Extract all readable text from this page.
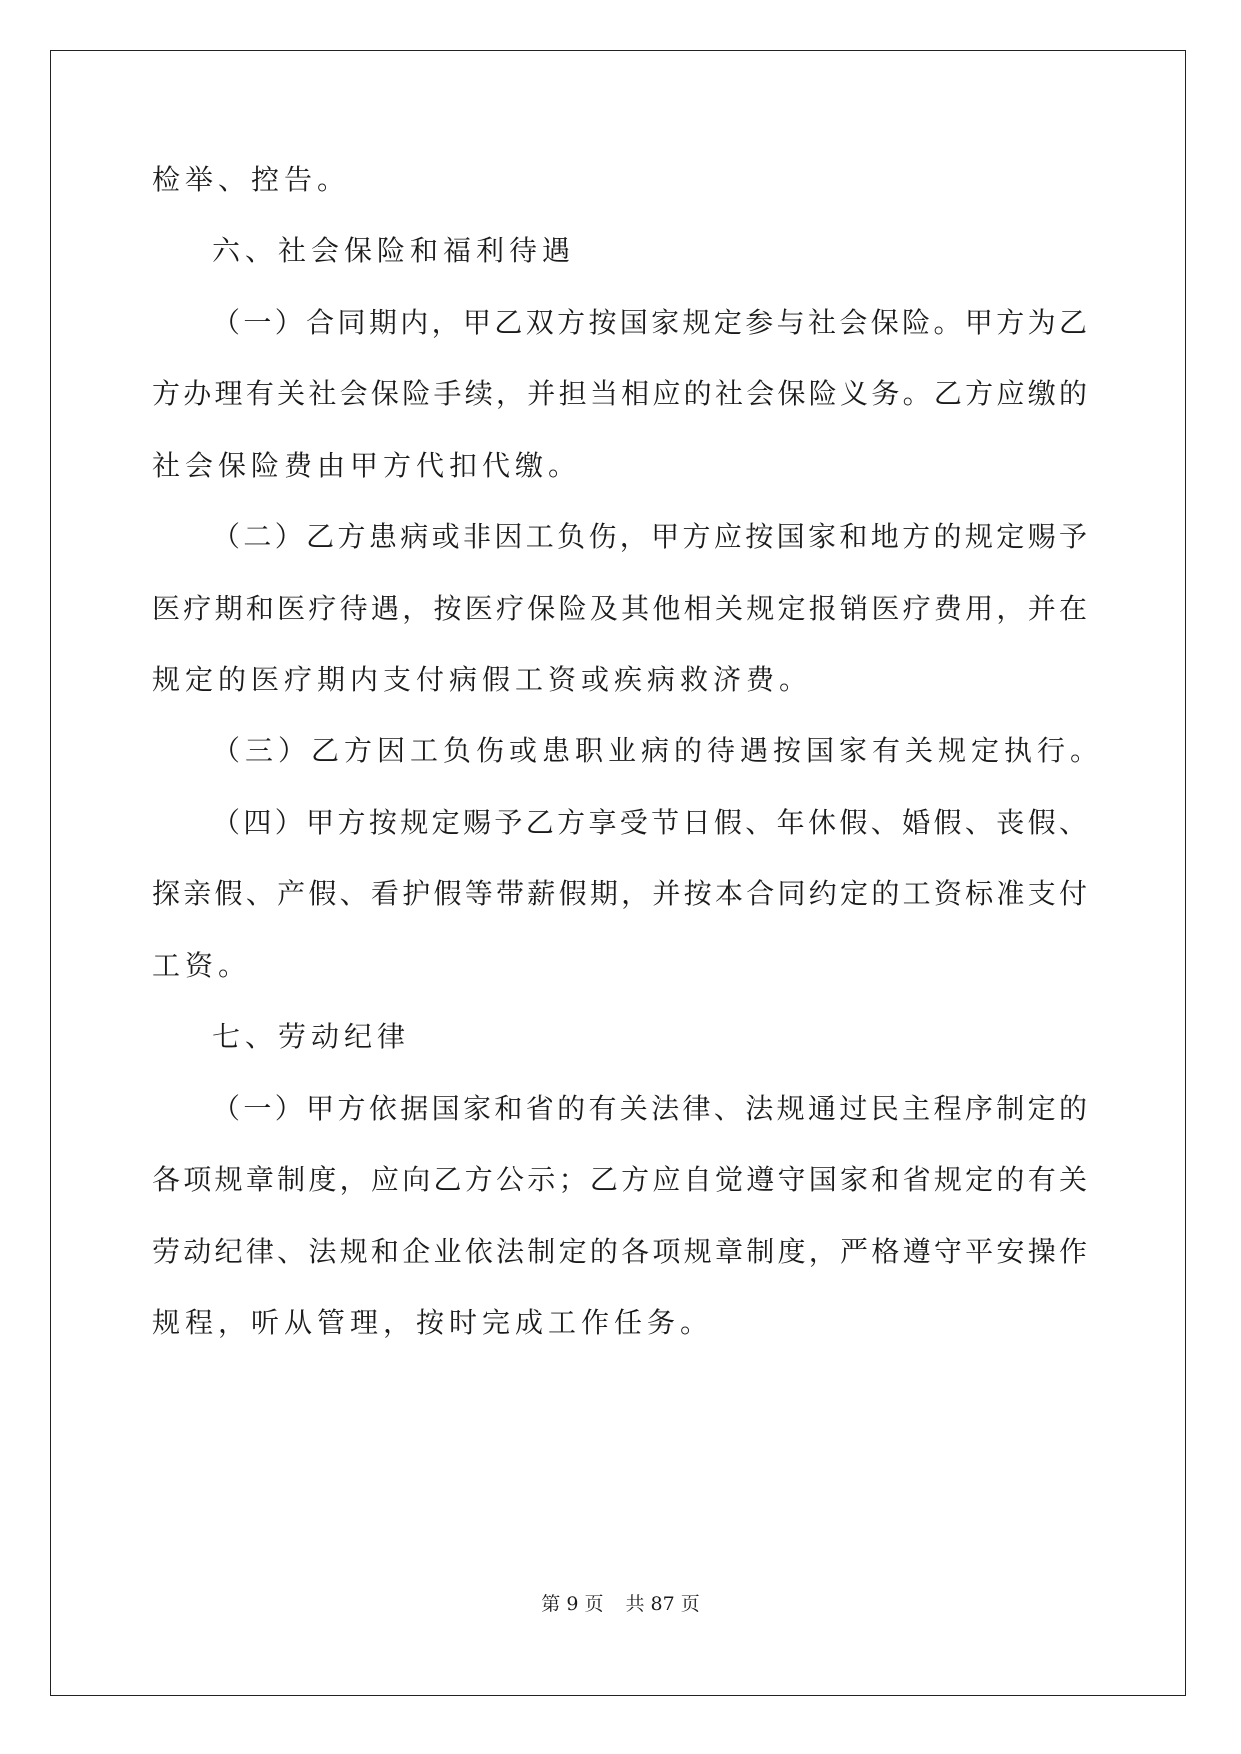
检举、控告。
六、社会保险和福利待遇
（一）合同期内，甲乙双方按国家规定参与社会保险。甲方为乙
方办理有关社会保险手续，并担当相应的社会保险义务。乙方应缴的
社会保险费由甲方代扣代缴。
（二）乙方患病或非因工负伤，甲方应按国家和地方的规定赐予
医疗期和医疗待遇，按医疗保险及其他相关规定报销医疗费用，并在
规定的医疗期内支付病假工资或疾病救济费。
（三）乙方因工负伤或患职业病的待遇按国家有关规定执行。
（四）甲方按规定赐予乙方享受节日假、年休假、婚假、丧假、
探亲假、产假、看护假等带薪假期，并按本合同约定的工资标准支付
工资。
七、劳动纪律
（一）甲方依据国家和省的有关法律、法规通过民主程序制定的
各项规章制度，应向乙方公示；乙方应自觉遵守国家和省规定的有关
劳动纪律、法规和企业依法制定的各项规章制度，严格遵守平安操作
规程，听从管理，按时完成工作任务。
第 9 页 共 87 页
